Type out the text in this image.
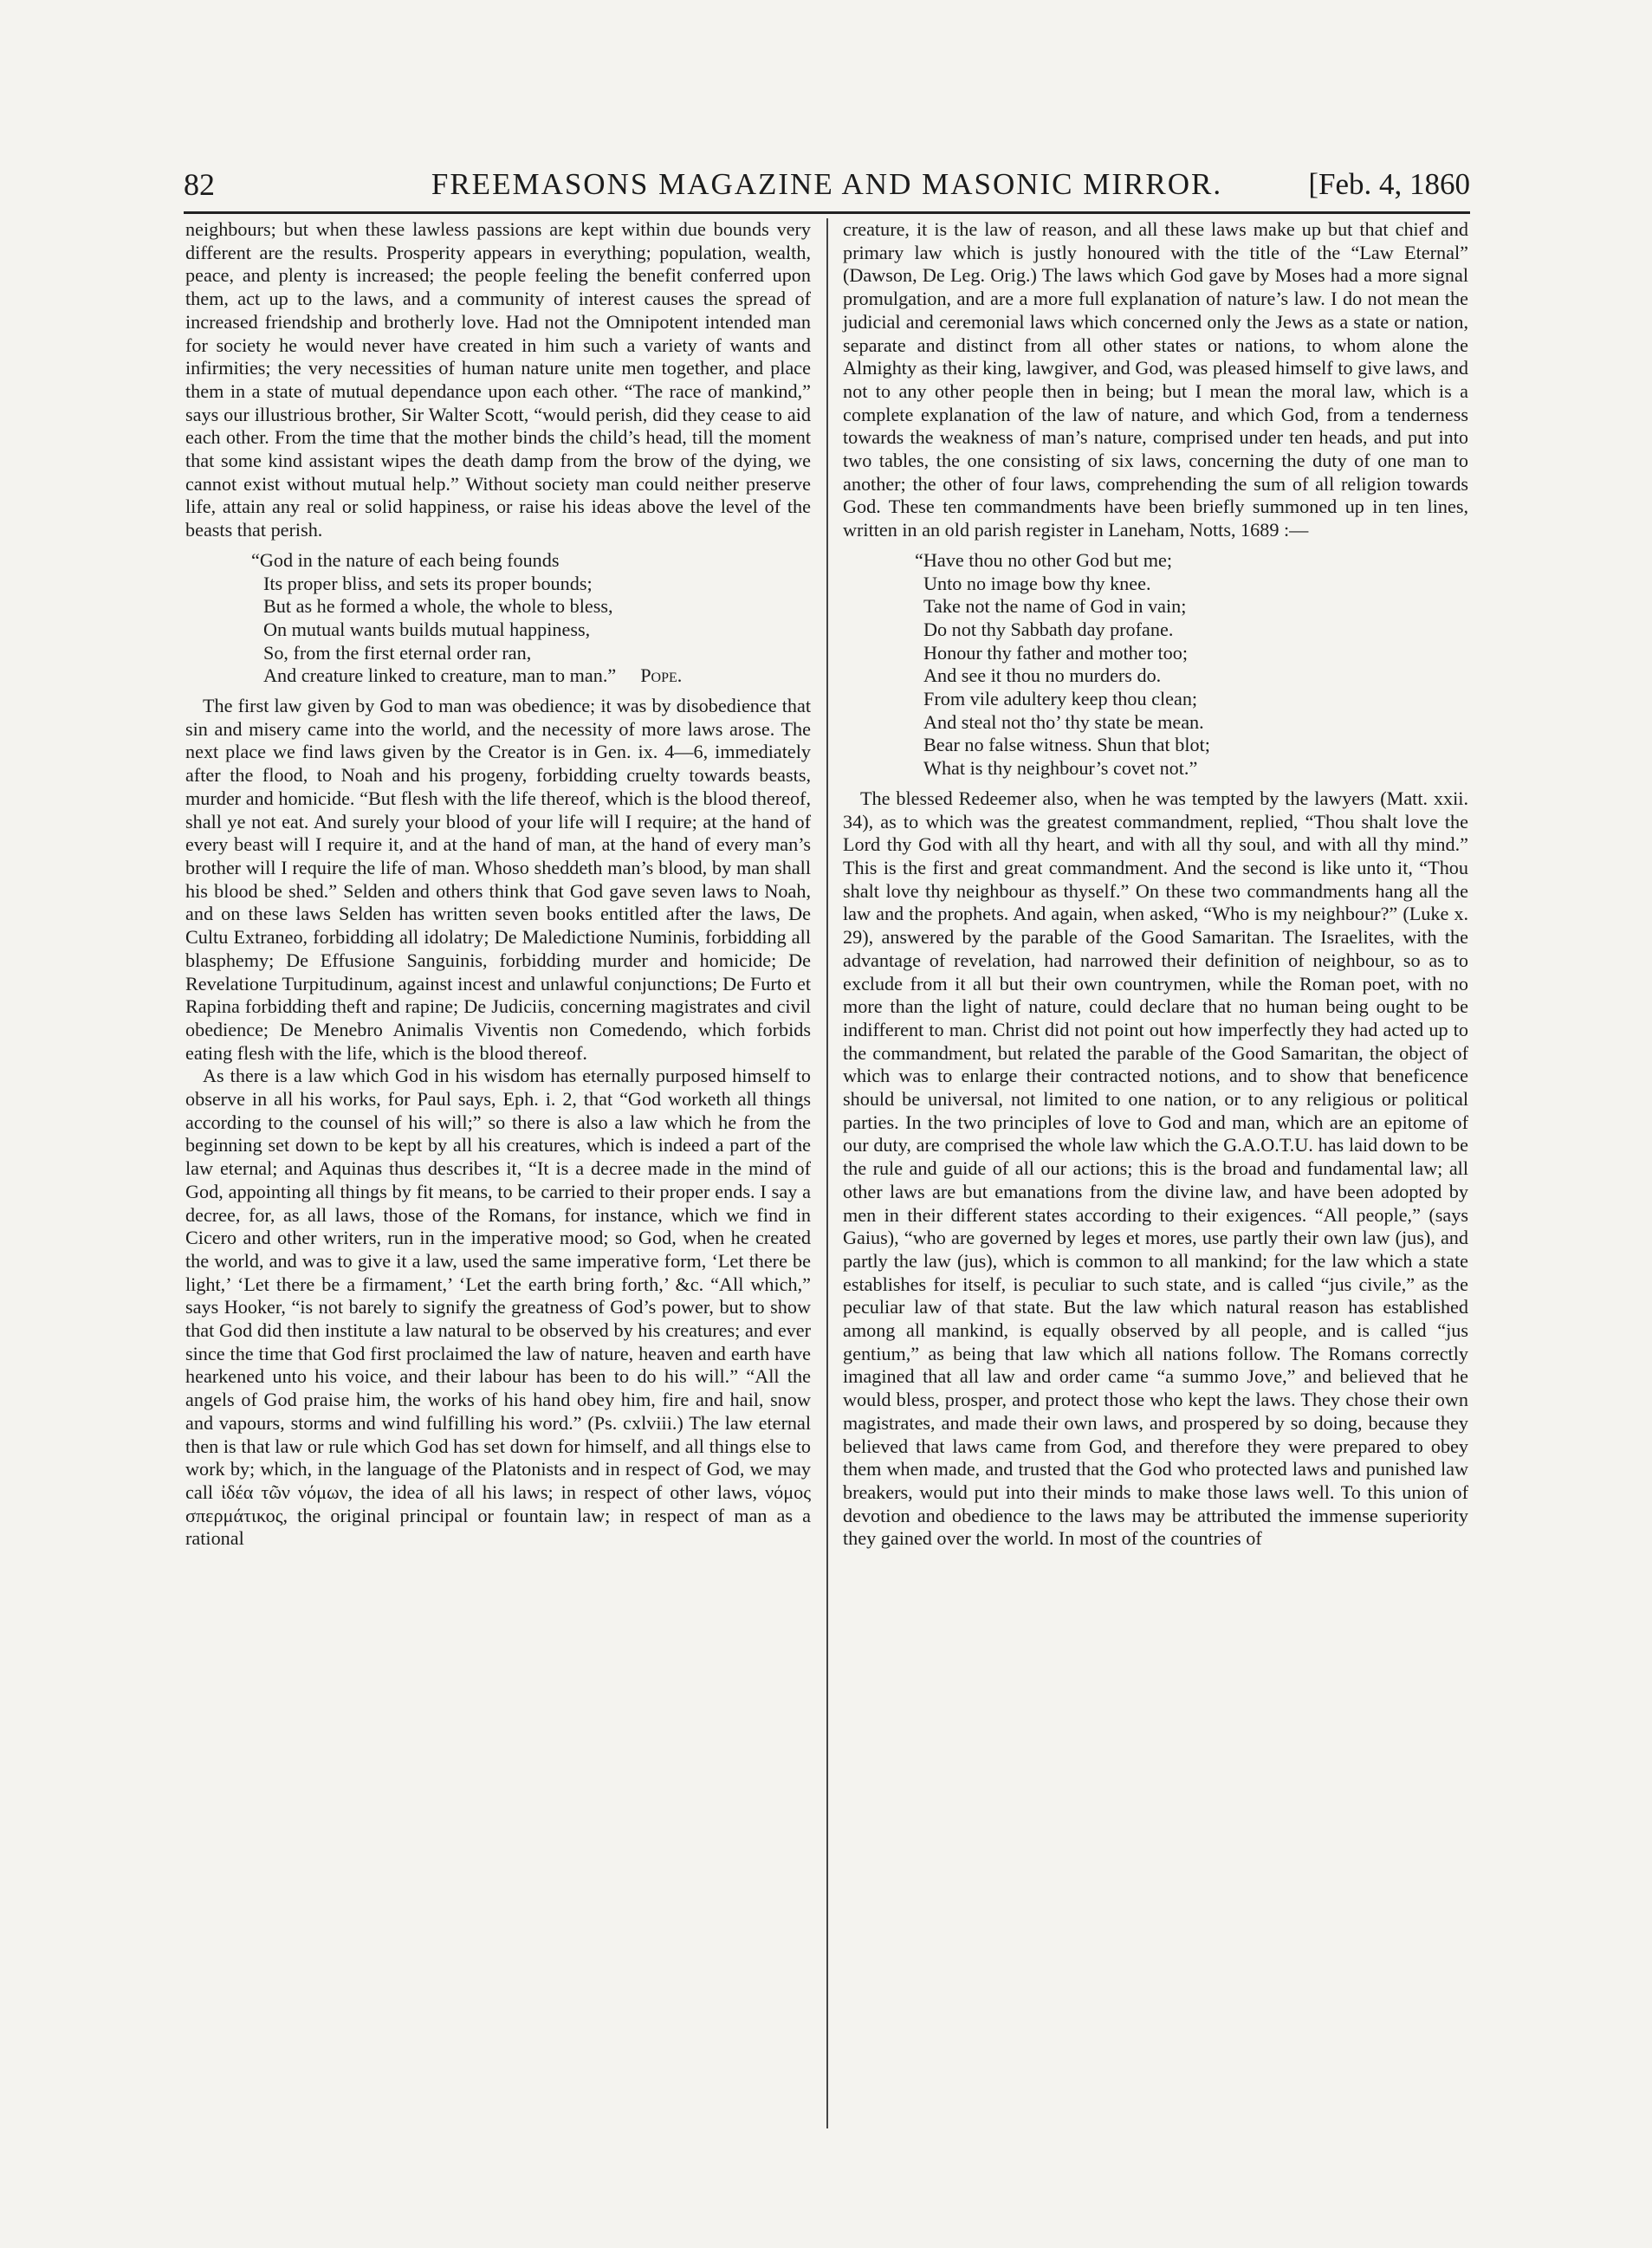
82	FREEMASONS MAGAZINE AND MASONIC MIRROR.	[Feb. 4, 1860

neighbours; but when these lawless passions are kept within due bounds very different are the results. Prosperity appears in everything; population, wealth, peace, and plenty is increased; the people feeling the benefit conferred upon them, act up to the laws, and a community of interest causes the spread of increased friendship and brotherly love. Had not the Omnipotent intended man for society he would never have created in him such a variety of wants and infirmities; the very necessities of human nature unite men together, and place them in a state of mutual dependance upon each other. “The race of mankind,” says our illustrious brother, Sir Walter Scott, “would perish, did they cease to aid each other. From the time that the mother binds the child’s head, till the moment that some kind assistant wipes the death damp from the brow of the dying, we cannot exist without mutual help.” Without society man could neither preserve life, attain any real or solid happiness, or raise his ideas above the level of the beasts that perish.

“God in the nature of each being founds
Its proper bliss, and sets its proper bounds;
But as he formed a whole, the whole to bless,
On mutual wants builds mutual happiness,
So, from the first eternal order ran,
And creature linked to creature, man to man.” Pope.

The first law given by God to man was obedience; it was by disobedience that sin and misery came into the world, and the necessity of more laws arose. The next place we find laws given by the Creator is in Gen. ix. 4—6, immediately after the flood, to Noah and his progeny, forbidding cruelty towards beasts, murder and homicide. “But flesh with the life thereof, which is the blood thereof, shall ye not eat. And surely your blood of your life will I require; at the hand of every beast will I require it, and at the hand of man, at the hand of every man’s brother will I require the life of man. Whoso sheddeth man’s blood, by man shall his blood be shed.” Selden and others think that God gave seven laws to Noah, and on these laws Selden has written seven books entitled after the laws, De Cultu Extraneo, forbidding all idolatry; De Maledictione Numinis, forbidding all blasphemy; De Effusione Sanguinis, forbidding murder and homicide; De Revelatione Turpitudinum, against incest and unlawful conjunctions; De Furto et Rapina forbidding theft and rapine; De Judiciis, concerning magistrates and civil obedience; De Menebro Animalis Viventis non Comedendo, which forbids eating flesh with the life, which is the blood thereof.

As there is a law which God in his wisdom has eternally purposed himself to observe in all his works, for Paul says, Eph. i. 2, that “God worketh all things according to the counsel of his will;” so there is also a law which he from the beginning set down to be kept by all his creatures, which is indeed a part of the law eternal; and Aquinas thus describes it, “It is a decree made in the mind of God, appointing all things by fit means, to be carried to their proper ends. I say a decree, for, as all laws, those of the Romans, for instance, which we find in Cicero and other writers, run in the imperative mood; so God, when he created the world, and was to give it a law, used the same imperative form, ‘Let there be light,’ ‘Let there be a firmament,’ ‘Let the earth bring forth,’ &c. “All which,” says Hooker, “is not barely to signify the greatness of God’s power, but to show that God did then institute a law natural to be observed by his creatures; and ever since the time that God first proclaimed the law of nature, heaven and earth have hearkened unto his voice, and their labour has been to do his will.” “All the angels of God praise him, the works of his hand obey him, fire and hail, snow and vapours, storms and wind fulfilling his word.” (Ps. cxlviii.) The law eternal then is that law or rule which God has set down for himself, and all things else to work by; which, in the language of the Platonists and in respect of God, we may call ἰδέα τῶν νόμων, the idea of all his laws; in respect of other laws, νόμος σπερμάτικος, the original principal or fountain law; in respect of man as a rational

creature, it is the law of reason, and all these laws make up but that chief and primary law which is justly honoured with the title of the “Law Eternal” (Dawson, De Leg. Orig.) The laws which God gave by Moses had a more signal promulgation, and are a more full explanation of nature’s law. I do not mean the judicial and ceremonial laws which concerned only the Jews as a state or nation, separate and distinct from all other states or nations, to whom alone the Almighty as their king, lawgiver, and God, was pleased himself to give laws, and not to any other people then in being; but I mean the moral law, which is a complete explanation of the law of nature, and which God, from a tenderness towards the weakness of man’s nature, comprised under ten heads, and put into two tables, the one consisting of six laws, concerning the duty of one man to another; the other of four laws, comprehending the sum of all religion towards God. These ten commandments have been briefly summoned up in ten lines, written in an old parish register in Laneham, Notts, 1689 :—

“Have thou no other God but me;
Unto no image bow thy knee.
Take not the name of God in vain;
Do not thy Sabbath day profane.
Honour thy father and mother too;
And see it thou no murders do.
From vile adultery keep thou clean;
And steal not tho’ thy state be mean.
Bear no false witness. Shun that blot;
What is thy neighbour’s covet not.”

The blessed Redeemer also, when he was tempted by the lawyers (Matt. xxii. 34), as to which was the greatest commandment, replied, “Thou shalt love the Lord thy God with all thy heart, and with all thy soul, and with all thy mind.” This is the first and great commandment. And the second is like unto it, “Thou shalt love thy neighbour as thyself.” On these two commandments hang all the law and the prophets. And again, when asked, “Who is my neighbour?” (Luke x. 29), answered by the parable of the Good Samaritan. The Israelites, with the advantage of revelation, had narrowed their definition of neighbour, so as to exclude from it all but their own countrymen, while the Roman poet, with no more than the light of nature, could declare that no human being ought to be indifferent to man. Christ did not point out how imperfectly they had acted up to the commandment, but related the parable of the Good Samaritan, the object of which was to enlarge their contracted notions, and to show that beneficence should be universal, not limited to one nation, or to any religious or political parties. In the two principles of love to God and man, which are an epitome of our duty, are comprised the whole law which the G.A.O.T.U. has laid down to be the rule and guide of all our actions; this is the broad and fundamental law; all other laws are but emanations from the divine law, and have been adopted by men in their different states according to their exigences. “All people,” (says Gaius), “who are governed by leges et mores, use partly their own law (jus), and partly the law (jus), which is common to all mankind; for the law which a state establishes for itself, is peculiar to such state, and is called “jus civile,” as the peculiar law of that state. But the law which natural reason has established among all mankind, is equally observed by all people, and is called “jus gentium,” as being that law which all nations follow. The Romans correctly imagined that all law and order came “a summo Jove,” and believed that he would bless, prosper, and protect those who kept the laws. They chose their own magistrates, and made their own laws, and prospered by so doing, because they believed that laws came from God, and therefore they were prepared to obey them when made, and trusted that the God who protected laws and punished law breakers, would put into their minds to make those laws well. To this union of devotion and obedience to the laws may be attributed the immense superiority they gained over the world. In most of the countries of
